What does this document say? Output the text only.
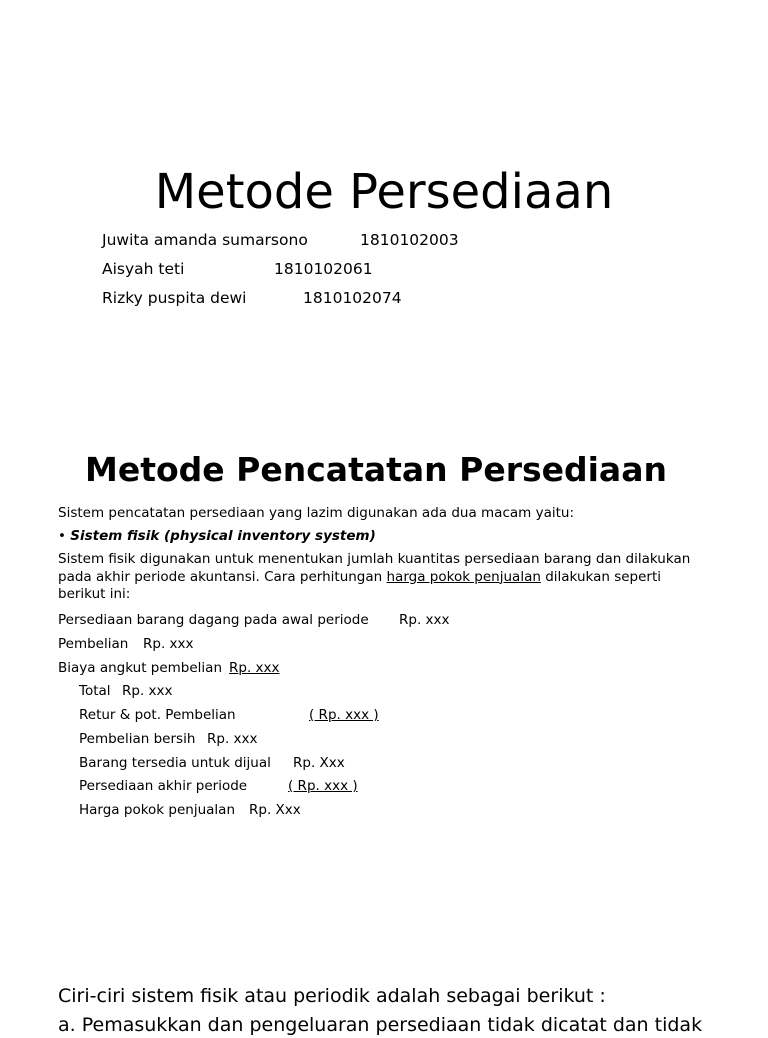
Metode Persediaan
Juwita amanda sumarsono	1810102003
Aisyah teti	1810102061
Rizky puspita dewi	1810102074
Metode Pencatatan Persediaan
Sistem pencatatan persediaan yang lazim digunakan ada dua macam yaitu:
• Sistem fisik (physical inventory system)
Sistem fisik digunakan untuk menentukan jumlah kuantitas persediaan barang dan dilakukan pada akhir periode akuntansi. Cara perhitungan harga pokok penjualan dilakukan seperti berikut ini:
Persediaan barang dagang pada awal periode Rp. xxx
Pembelian Rp. xxx
Biaya angkut pembelian Rp. xxx
Total Rp. xxx
Retur & pot. Pembelian	( Rp. xxx )
Pembelian bersih Rp. xxx
Barang tersedia untuk dijual Rp. Xxx
Persediaan akhir periode	( Rp. xxx )
Harga pokok penjualan Rp. Xxx
Ciri-ciri sistem fisik atau periodik adalah sebagai berikut :
a. Pemasukkan dan pengeluaran persediaan tidak dicatat dan tidak
